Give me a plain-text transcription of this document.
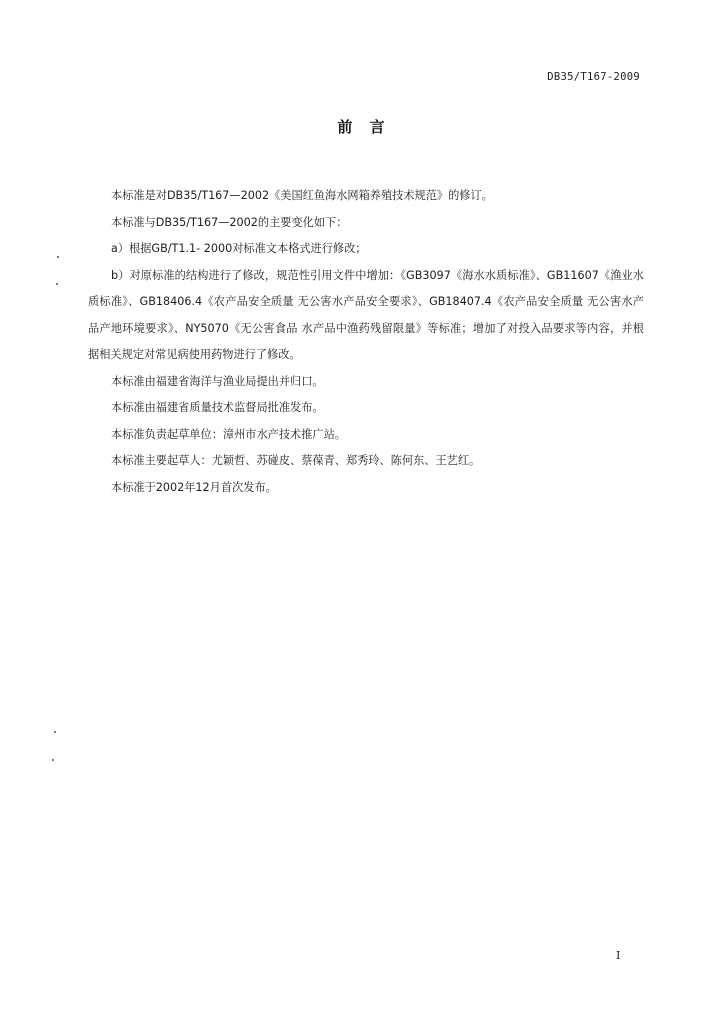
DB35/T167-2009
前 言

本标准是对DB35/T167—2002《美国红鱼海水网箱养殖技术规范》的修订。

本标准与DB35/T167—2002的主要变化如下：

a）根据GB/T1.1- 2000对标准文本格式进行修改；

b）对原标准的结构进行了修改，规范性引用文件中增加：《GB3097《海水水质标准》、GB11607《渔业水质标准》、GB18406.4《农产品安全质量 无公害水产品安全要求》、GB18407.4《农产品安全质量 无公害水产品产地环境要求》、NY5070《无公害食品 水产品中渔药残留限量》等标准；增加了对投入品要求等内容，并根据相关规定对常见病使用药物进行了修改。

本标准由福建省海洋与渔业局提出并归口。

本标准由福建省质量技术监督局批准发布。

本标准负责起草单位：漳州市水产技术推广站。

本标准主要起草人：尤颖哲、苏碰皮、蔡葆青、郑秀玲、陈何东、王艺红。

本标准于2002年12月首次发布。

I
